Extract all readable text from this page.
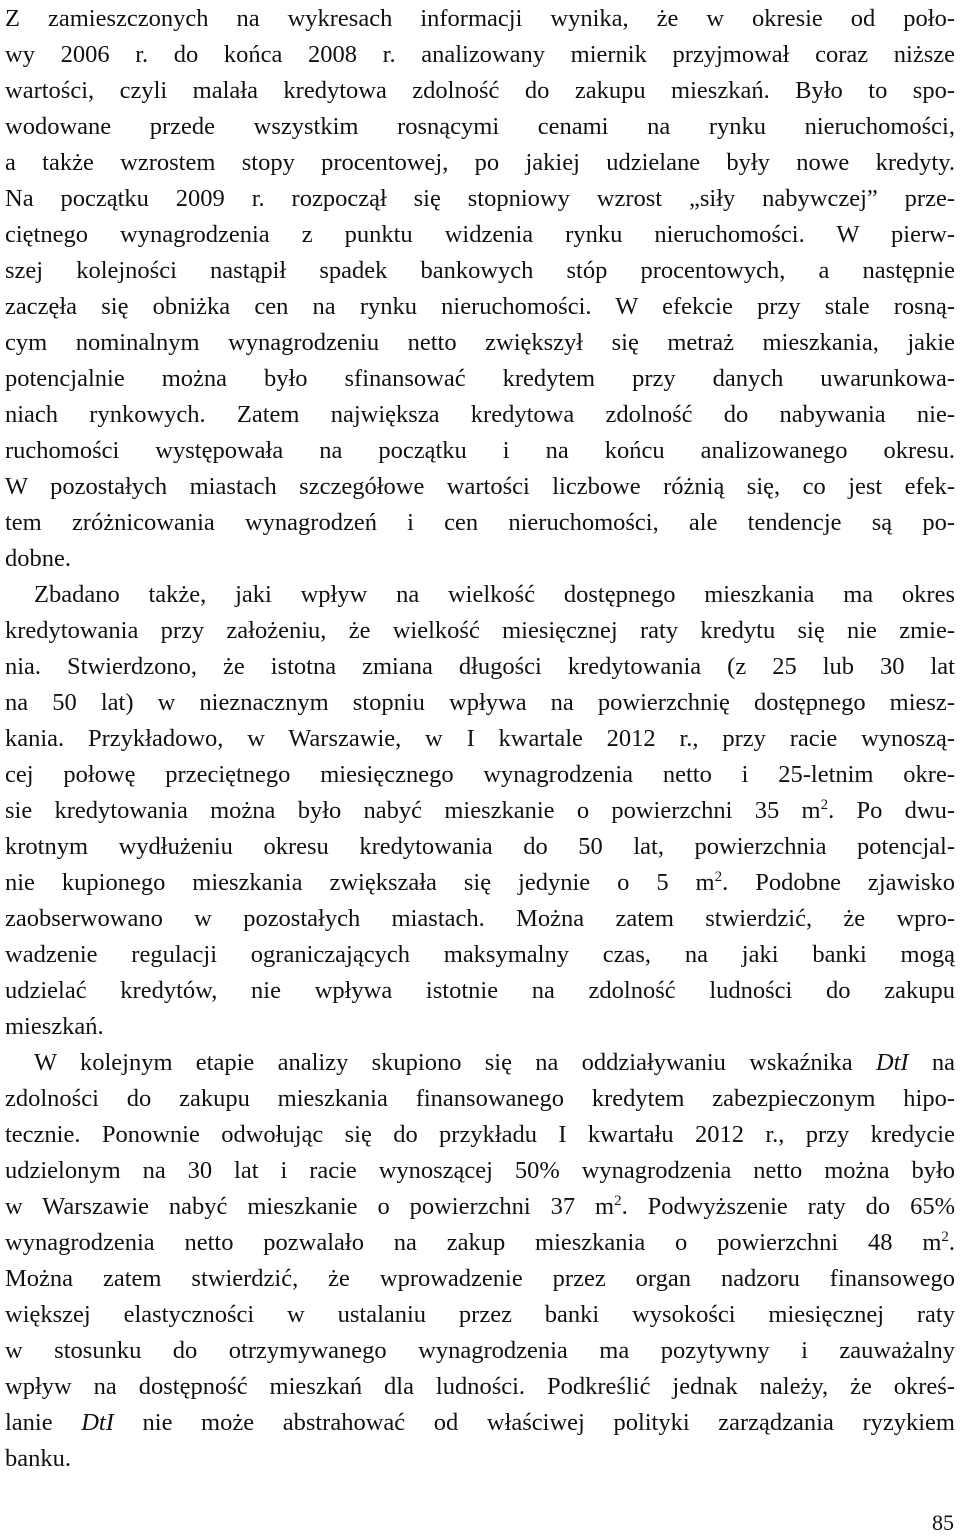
Z zamieszczonych na wykresach informacji wynika, że w okresie od poło-
wy 2006 r. do końca 2008 r. analizowany miernik przyjmował coraz niższe
wartości, czyli malała kredytowa zdolność do zakupu mieszkań. Było to spo-
wodowane przede wszystkim rosnącymi cenami na rynku nieruchomości,
a także wzrostem stopy procentowej, po jakiej udzielane były nowe kredyty.
Na początku 2009 r. rozpoczął się stopniowy wzrost „siły nabywczej” prze-
ciętnego wynagrodzenia z punktu widzenia rynku nieruchomości. W pierw-
szej kolejności nastąpił spadek bankowych stóp procentowych, a następnie
zaczęła się obniżka cen na rynku nieruchomości. W efekcie przy stale rosną-
cym nominalnym wynagrodzeniu netto zwiększył się metraż mieszkania, jakie
potencjalnie można było sfinansować kredytem przy danych uwarunkowa-
niach rynkowych. Zatem największa kredytowa zdolność do nabywania nie-
ruchomości występowała na początku i na końcu analizowanego okresu.
W pozostałych miastach szczegółowe wartości liczbowe różnią się, co jest efek-
tem zróżnicowania wynagrodzeń i cen nieruchomości, ale tendencje są po-
dobne.
Zbadano także, jaki wpływ na wielkość dostępnego mieszkania ma okres
kredytowania przy założeniu, że wielkość miesięcznej raty kredytu się nie zmie-
nia. Stwierdzono, że istotna zmiana długości kredytowania (z 25 lub 30 lat
na 50 lat) w nieznacznym stopniu wpływa na powierzchnię dostępnego miesz-
kania. Przykładowo, w Warszawie, w I kwartale 2012 r., przy racie wynoszą-
cej połowę przeciętnego miesięcznego wynagrodzenia netto i 25-letnim okre-
sie kredytowania można było nabyć mieszkanie o powierzchni 35 $m^2$. Po dwu-
krotnym wydłużeniu okresu kredytowania do 50 lat, powierzchnia potencjal-
nie kupionego mieszkania zwiększała się jedynie o 5 $m^2$. Podobne zjawisko
zaobserwowano w pozostałych miastach. Można zatem stwierdzić, że wpro-
wadzenie regulacji ograniczających maksymalny czas, na jaki banki mogą
udzielać kredytów, nie wpływa istotnie na zdolność ludności do zakupu
mieszkań.
W kolejnym etapie analizy skupiono się na oddziaływaniu wskaźnika DtI na
zdolności do zakupu mieszkania finansowanego kredytem zabezpieczonym hipo-
tecznie. Ponownie odwołując się do przykładu I kwartału 2012 r., przy kredycie
udzielonym na 30 lat i racie wynoszącej 50% wynagrodzenia netto można było
w Warszawie nabyć mieszkanie o powierzchni 37 $m^2$. Podwyższenie raty do 65%
wynagrodzenia netto pozwalało na zakup mieszkania o powierzchni 48 $m^2$.
Można zatem stwierdzić, że wprowadzenie przez organ nadzoru finansowego
większej elastyczności w ustalaniu przez banki wysokości miesięcznej raty
w stosunku do otrzymywanego wynagrodzenia ma pozytywny i zauważalny
wpływ na dostępność mieszkań dla ludności. Podkreślić jednak należy, że okreś-
lanie DtI nie może abstrahować od właściwej polityki zarządzania ryzykiem
banku.
85
